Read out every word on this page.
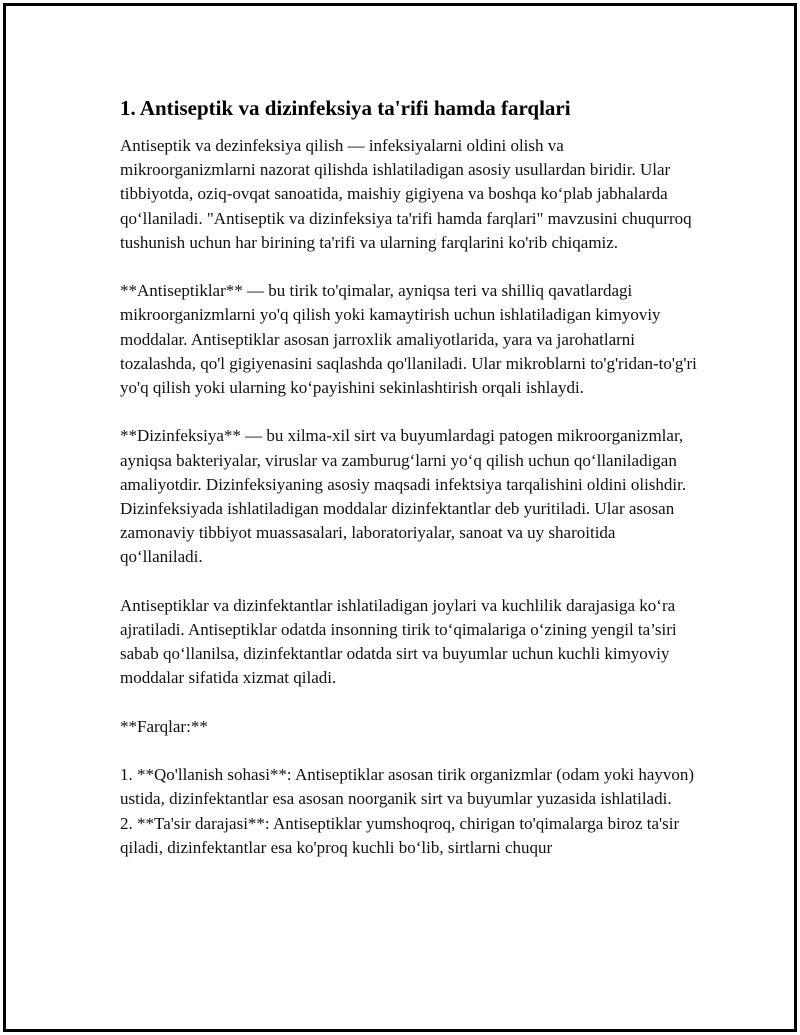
1. Antiseptik va dizinfeksiya ta'rifi hamda farqlari

Antiseptik va dezinfeksiya qilish — infeksiyalarni oldini olish va mikroorganizmlarni nazorat qilishda ishlatiladigan asosiy usullardan biridir. Ular tibbiyotda, oziq-ovqat sanoatida, maishiy gigiyena va boshqa ko‘plab jabhalarda qo‘llaniladi. "Antiseptik va dizinfeksiya ta'rifi hamda farqlari" mavzusini chuqurroq tushunish uchun har birining ta'rifi va ularning farqlarini ko'rib chiqamiz.

**Antiseptiklar** — bu tirik to'qimalar, ayniqsa teri va shilliq qavatlardagi mikroorganizmlarni yo'q qilish yoki kamaytirish uchun ishlatiladigan kimyoviy moddalar. Antiseptiklar asosan jarroxlik amaliyotlarida, yara va jarohatlarni tozalashda, qo'l gigiyenasini saqlashda qo'llaniladi. Ular mikroblarni to'g'ridan-to'g'ri yo'q qilish yoki ularning ko‘payishini sekinlashtirish orqali ishlaydi.

**Dizinfeksiya** — bu xilma-xil sirt va buyumlardagi patogen mikroorganizmlar, ayniqsa bakteriyalar, viruslar va zamburug‘larni yo‘q qilish uchun qo‘llaniladigan amaliyotdir. Dizinfeksiyaning asosiy maqsadi infektsiya tarqalishini oldini olishdir. Dizinfeksiyada ishlatiladigan moddalar dizinfektantlar deb yuritiladi. Ular asosan zamonaviy tibbiyot muassasalari, laboratoriyalar, sanoat va uy sharoitida qo‘llaniladi.

Antiseptiklar va dizinfektantlar ishlatiladigan joylari va kuchlilik darajasiga ko‘ra ajratiladi. Antiseptiklar odatda insonning tirik to‘qimalariga o‘zining yengil ta’siri sabab qo‘llanilsa, dizinfektantlar odatda sirt va buyumlar uchun kuchli kimyoviy moddalar sifatida xizmat qiladi.

**Farqlar:**

1. **Qo'llanish sohasi**: Antiseptiklar asosan tirik organizmlar (odam yoki hayvon) ustida, dizinfektantlar esa asosan noorganik sirt va buyumlar yuzasida ishlatiladi.

2. **Ta'sir darajasi**: Antiseptiklar yumshoqroq, chirigan to'qimalarga biroz ta'sir qiladi, dizinfektantlar esa ko'proq kuchli bo‘lib, sirtlarni chuqur
